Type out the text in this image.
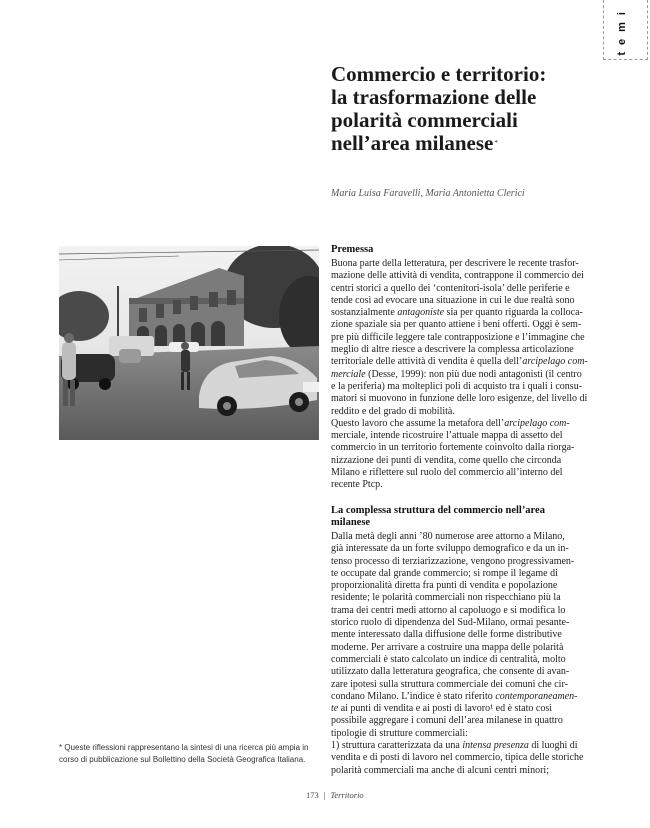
temi
Commercio e territorio:
la trasformazione delle
polarità commerciali
nell’area milanese*
Maria Luisa Faravelli, Maria Antonietta Clerici
Premessa
Buona parte della letteratura, per descrivere le recente trasfor-
mazione delle attività di vendita, contrappone il commercio dei
centri storici a quello dei ‘contenitori-isola’ delle periferie e
tende così ad evocare una situazione in cui le due realtà sono
sostanzialmente antagoniste sia per quanto riguarda la colloca-
zione spaziale sia per quanto attiene i beni offerti. Oggi è sem-
pre più difficile leggere tale contrapposizione e l’immagine che
meglio di altre riesce a descrivere la complessa articolazione
territoriale delle attività di vendita è quella dell’arcipelago com-
merciale (Desse, 1999): non più due nodi antagonisti (il centro
e la periferia) ma molteplici poli di acquisto tra i quali i consu-
matori si muovono in funzione delle loro esigenze, del livello di
reddito e del grado di mobilità.
Questo lavoro che assume la metafora dell’arcipelago com-
merciale, intende ricostruire l’attuale mappa di assetto del
commercio in un territorio fortemente coinvolto dalla riorga-
nizzazione dei punti di vendita, come quello che circonda
Milano e riflettere sul ruolo del commercio all’interno del
recente Ptcp.
La complessa struttura del commercio nell’area
milanese
Dalla metà degli anni ’80 numerose aree attorno a Milano,
già interessate da un forte sviluppo demografico e da un in-
tenso processo di terziarizzazione, vengono progressivamen-
te occupate dal grande commercio; si rompe il legame di
proporzionalità diretta fra punti di vendita e popolazione
residente; le polarità commerciali non rispecchiano più la
trama dei centri medi attorno al capoluogo e si modifica lo
storico ruolo di dipendenza del Sud-Milano, ormai pesante-
mente interessato dalla diffusione delle forme distributive
moderne. Per arrivare a costruire una mappa delle polarità
commerciali è stato calcolato un indice di centralità, molto
utilizzato dalla letteratura geografica, che consente di avan-
zare ipotesi sulla struttura commerciale dei comuni che cir-
condano Milano. L’indice è stato riferito contemporaneamen-
te ai punti di vendita e ai posti di lavoro¹ ed è stato così
possibile aggregare i comuni dell’area milanese in quattro
tipologie di strutture commerciali:
1) struttura caratterizzata da una intensa presenza di luoghi di
vendita e di posti di lavoro nel commercio, tipica delle storiche
polarità commerciali ma anche di alcuni centri minori;
* Queste riflessioni rappresentano la sintesi di una ricerca più ampia in
corso di pubblicazione sul Bollettino della Società Geografica Italiana.
173 | Territorio
